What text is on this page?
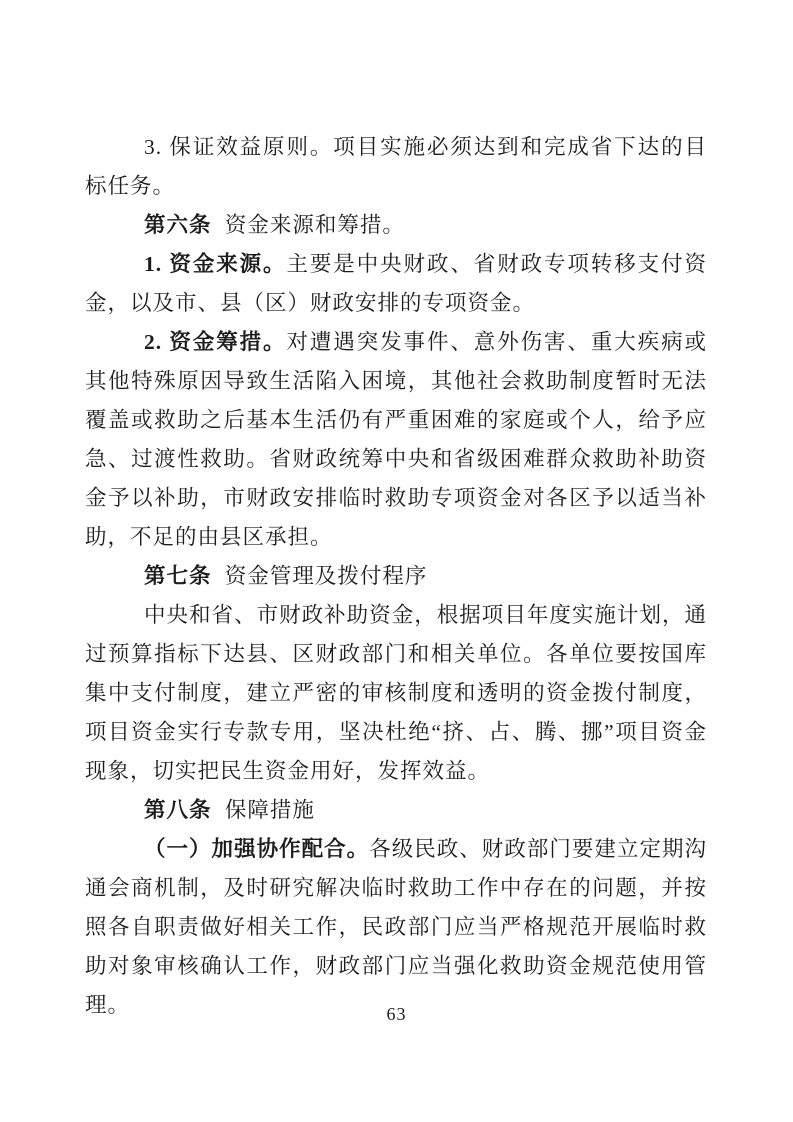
3. 保证效益原则。项目实施必须达到和完成省下达的目标任务。

第六条 资金来源和筹措。

1. 资金来源。主要是中央财政、省财政专项转移支付资金，以及市、县（区）财政安排的专项资金。

2. 资金筹措。对遭遇突发事件、意外伤害、重大疾病或其他特殊原因导致生活陷入困境，其他社会救助制度暂时无法覆盖或救助之后基本生活仍有严重困难的家庭或个人，给予应急、过渡性救助。省财政统筹中央和省级困难群众救助补助资金予以补助，市财政安排临时救助专项资金对各区予以适当补助，不足的由县区承担。

第七条 资金管理及拨付程序

中央和省、市财政补助资金，根据项目年度实施计划，通过预算指标下达县、区财政部门和相关单位。各单位要按国库集中支付制度，建立严密的审核制度和透明的资金拨付制度，项目资金实行专款专用，坚决杜绝“挤、占、腾、挪”项目资金现象，切实把民生资金用好，发挥效益。

第八条 保障措施

（一）加强协作配合。各级民政、财政部门要建立定期沟通会商机制，及时研究解决临时救助工作中存在的问题，并按照各自职责做好相关工作，民政部门应当严格规范开展临时救助对象审核确认工作，财政部门应当强化救助资金规范使用管理。	63
